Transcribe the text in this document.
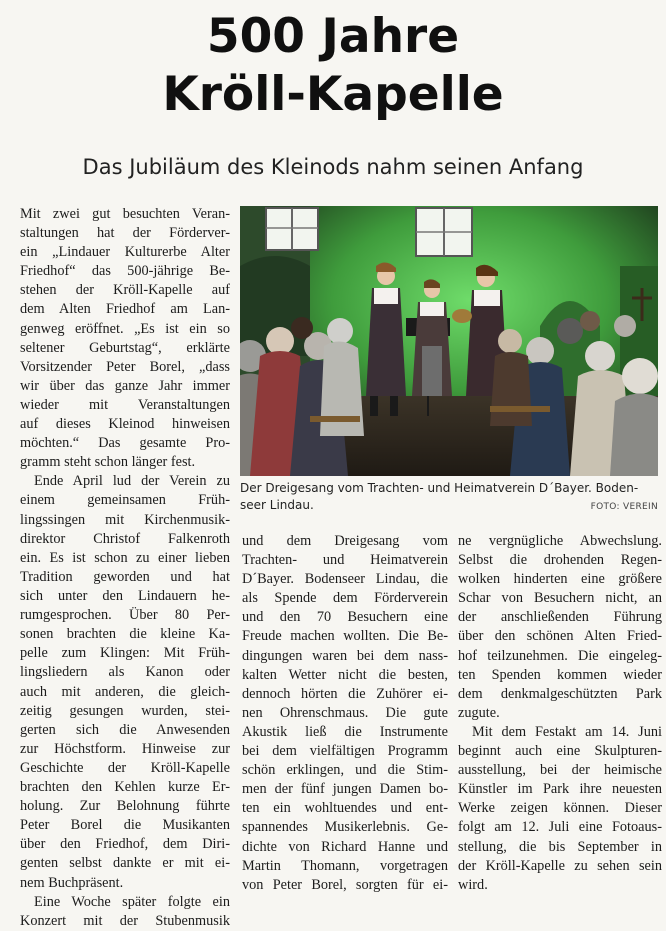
500 Jahre
Kröll-Kapelle
Das Jubiläum des Kleinods nahm seinen Anfang
Der Dreigesang vom Trachten- und Heimatverein D´Bayer. Boden-
seer Lindau.	FOTO: VEREIN
Mit zwei gut besuchten Veran-
staltungen hat der Förderver-
ein „Lindauer Kulturerbe Alter
Friedhof“ das 500-jährige Be-
stehen der Kröll-Kapelle auf
dem Alten Friedhof am Lan-
genweg eröffnet. „Es ist ein so
seltener Geburtstag“, erklärte
Vorsitzender Peter Borel, „dass
wir über das ganze Jahr immer
wieder mit Veranstaltungen
auf dieses Kleinod hinweisen
möchten.“ Das gesamte Pro-
gramm steht schon länger fest.
Ende April lud der Verein zu
einem gemeinsamen Früh-
lingssingen mit Kirchenmusik-
direktor Christof Falkenroth
ein. Es ist schon zu einer lieben
Tradition geworden und hat
sich unter den Lindauern he-
rumgesprochen. Über 80 Per-
sonen brachten die kleine Ka-
pelle zum Klingen: Mit Früh-
lingsliedern als Kanon oder
auch mit anderen, die gleich-
zeitig gesungen wurden, stei-
gerten sich die Anwesenden
zur Höchstform. Hinweise zur
Geschichte der Kröll-Kapelle
brachten den Kehlen kurze Er-
holung. Zur Belohnung führte
Peter Borel die Musikanten
über den Friedhof, dem Diri-
genten selbst dankte er mit ei-
nem Buchpräsent.
Eine Woche später folgte ein
Konzert mit der Stubenmusik
und dem Dreigesang vom
Trachten- und Heimatverein
D´Bayer. Bodenseer Lindau, die
als Spende dem Förderverein
und den 70 Besuchern eine
Freude machen wollten. Die Be-
dingungen waren bei dem nass-
kalten Wetter nicht die besten,
dennoch hörten die Zuhörer ei-
nen Ohrenschmaus. Die gute
Akustik ließ die Instrumente
bei dem vielfältigen Programm
schön erklingen, und die Stim-
men der fünf jungen Damen bo-
ten ein wohltuendes und ent-
spannendes Musikerlebnis. Ge-
dichte von Richard Hanne und
Martin Thomann, vorgetragen
von Peter Borel, sorgten für ei-
ne vergnügliche Abwechslung.
Selbst die drohenden Regen-
wolken hinderten eine größere
Schar von Besuchern nicht, an
der anschließenden Führung
über den schönen Alten Fried-
hof teilzunehmen. Die eingeleg-
ten Spenden kommen wieder
dem denkmalgeschützten Park
zugute.
Mit dem Festakt am 14. Juni
beginnt auch eine Skulpturen-
ausstellung, bei der heimische
Künstler im Park ihre neuesten
Werke zeigen können. Dieser
folgt am 12. Juli eine Fotoaus-
stellung, die bis September in
der Kröll-Kapelle zu sehen sein
wird.
